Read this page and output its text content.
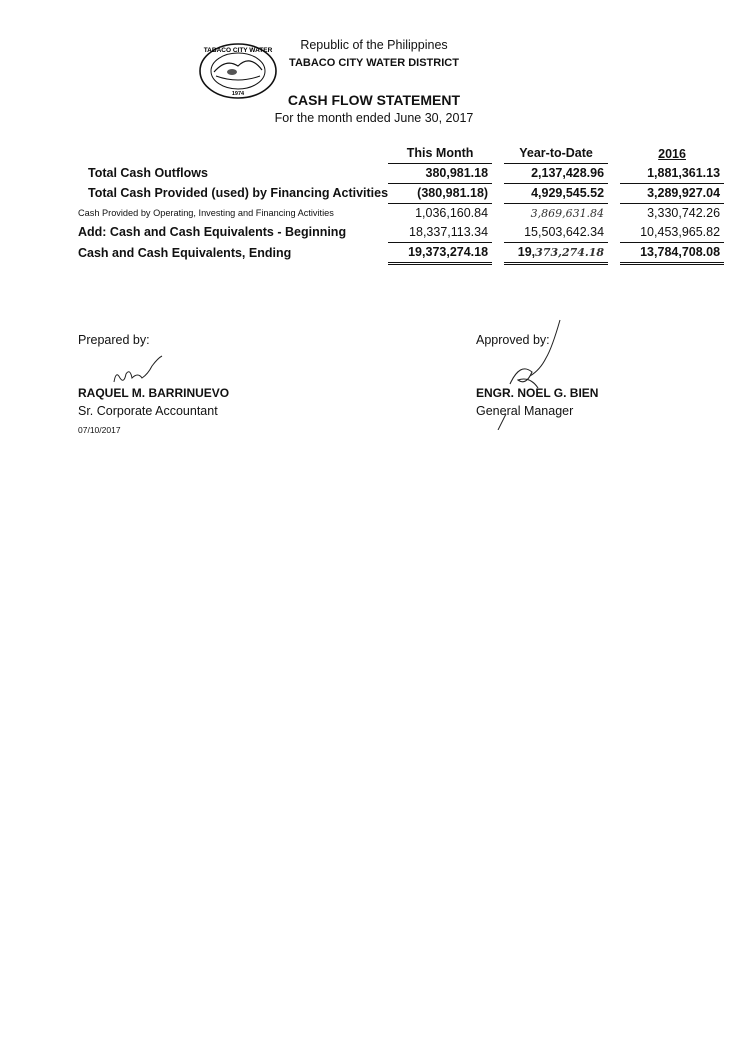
TABACO CITY WATER
1974
Republic of the Philippines
TABACO CITY WATER DISTRICT
CASH FLOW STATEMENT
For the month ended June 30, 2017
	This Month		Year-to-Date		2016
Total Cash Outflows	380,981.18		2,137,428.96		1,881,361.13
Total Cash Provided (used) by Financing Activities	(380,981.18)		4,929,545.52		3,289,927.04
Cash Provided by Operating, Investing and Financing Activities	1,036,160.84		3,869,631.84		3,330,742.26
Add: Cash and Cash Equivalents - Beginning	18,337,113.34		15,503,642.34		10,453,965.82
Cash and Cash Equivalents, Ending	19,373,274.18		19,373,274.18		13,784,708.08
Prepared by:	Approved by:
RAQUEL M. BARRINUEVO
Sr. Corporate Accountant
07/10/2017
ENGR. NOEL G. BIEN
General Manager
